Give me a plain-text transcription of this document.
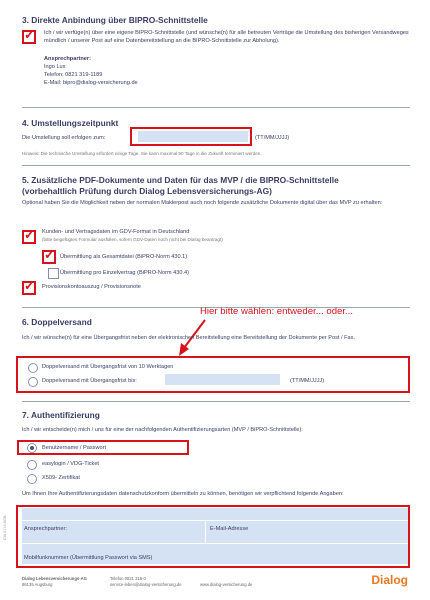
3. Direkte Anbindung über BIPRO-Schnittstelle
✓ Ich / wir verfüge(n) über eine eigene BIPRO-Schnittstelle (und wünsche(n) für alle betreuten Verträge die Umstellung des bisherigen Versandweges mündlich / unserer Post auf eine Datenbereitstellung an die BIPRO-Schnittstelle zur Abholung).
Ansprechpartner:
Ingo Lux
Telefon: 0821 319-1189
E-Mail: bipro@dialog-versicherung.de
4. Umstellungszeitpunkt
Die Umstellung soll erfolgen zum:	(TT/MM/JJJJ)
Hinweis: Die technische Umstellung erfordert einige Tage. Sie kann maximal 90 Tage in die Zukunft terminiert werden.
5. Zusätzliche PDF-Dokumente und Daten für das MVP / die BIPRO-Schnittstelle
(vorbehaltlich Prüfung durch Dialog Lebensversicherungs-AG)
Optional haben Sie die Möglichkeit neben der normalen Maklerpost auch noch folgende zusätzliche Dokumente digital über das MVP zu erhalten:
✓ Kunden- und Vertragsdaten im GDV-Format in Deutschland
(bitte beigefügtes Formular ausfüllen, sofern GDV-Daten noch nicht bei Dialog beantragt)
✓ Übermittlung als Gesamtdatei (BiPRO-Norm 430.1)
Übermittlung pro Einzelvertrag (BiPRO-Norm 430.4)
✓ Provisionskontoauszug / Provisionsnote
Hier bitte wählen: entweder... oder...
6. Doppelversand
Ich / wir wünsche(n) für eine Übergangsfrist neben der elektronischen Bereitstellung eine Bereitstellung der Dokumente per Post / Fax.
Doppelversand mit Übergangsfrist von 10 Werktagen
Doppelversand mit Übergangsfrist bis:	(TT/MM/JJJJ)
7. Authentifizierung
Ich / wir entscheide(n) mich / uns für eine der nachfolgenden Authentifizierungsarten (MVP / BiPRO-Schnittstelle):
Benutzername / Passwort
easylogin / VDG-Ticket
X509- Zertifikat
Um Ihnen Ihre Authentifizierungsdaten datenschutzkonform übermitteln zu können, benötigen wir verpflichtend folgende Angaben:
Ansprechpartner:	E-Mail-Adresse
Mobilfunknummer (Übermittlung Passwort via SMS)
DIA 0714 AGB
Dialog Lebensversicherungs-AG
86135 Augsburg
Telefon 0821 319-0
service-leben@dialog-versicherung.de	www.dialog-versicherung.de	Dialog
